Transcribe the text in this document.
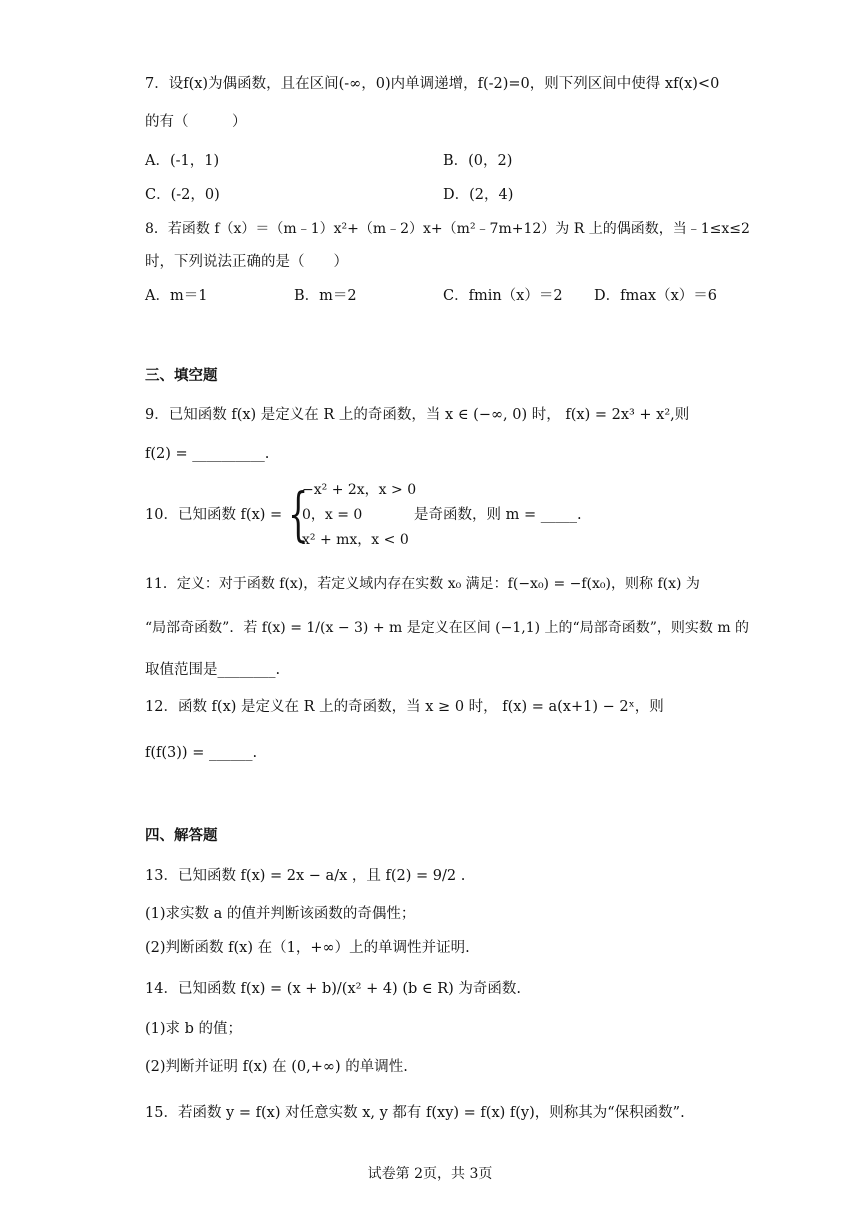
7．设f(x)为偶函数，且在区间(-∞，0)内单调递增，f(-2)=0，则下列区间中使得 xf(x)<0
的有（　　　）
A．(-1，1)	B．(0，2)
C．(-2，0)	D．(2，4)
8．若函数 f（x）＝（m﹣1）x²+（m﹣2）x+（m²﹣7m+12）为 R 上的偶函数，当﹣1≤x≤2
时，下列说法正确的是（　　）
A．m＝1	B．m＝2	C．fmin（x）＝2 D．fmax（x）＝6
三、填空题
9．已知函数 f(x) 是定义在 R 上的奇函数，当 x ∈ (−∞, 0) 时， f(x) = 2x³ + x²,则
f(2) = __________.
10．已知函数 f(x) = {
−x² + 2x，x > 0
0，x = 0
x² + mx，x < 0
是奇函数，则 m = _____.
11．定义：对于函数 f(x)，若定义域内存在实数 x₀ 满足：f(−x₀) = −f(x₀)，则称 f(x) 为
“局部奇函数”．若 f(x) = 1/(x − 3) + m 是定义在区间 (−1,1) 上的“局部奇函数”，则实数 m 的
取值范围是________.
12．函数 f(x) 是定义在 R 上的奇函数，当 x ≥ 0 时， f(x) = a(x+1) − 2ˣ，则
f(f(3)) = ______.
四、解答题
13．已知函数 f(x) = 2x − a/x ，且 f(2) = 9/2 .
(1)求实数 a 的值并判断该函数的奇偶性；
(2)判断函数 f(x) 在（1，+∞）上的单调性并证明.
14．已知函数 f(x) = (x + b)/(x² + 4) (b ∈ R) 为奇函数.
(1)求 b 的值；
(2)判断并证明 f(x) 在 (0,+∞) 的单调性.
15．若函数 y = f(x) 对任意实数 x, y 都有 f(xy) = f(x) f(y)，则称其为“保积函数”.
试卷第 2页，共 3页
